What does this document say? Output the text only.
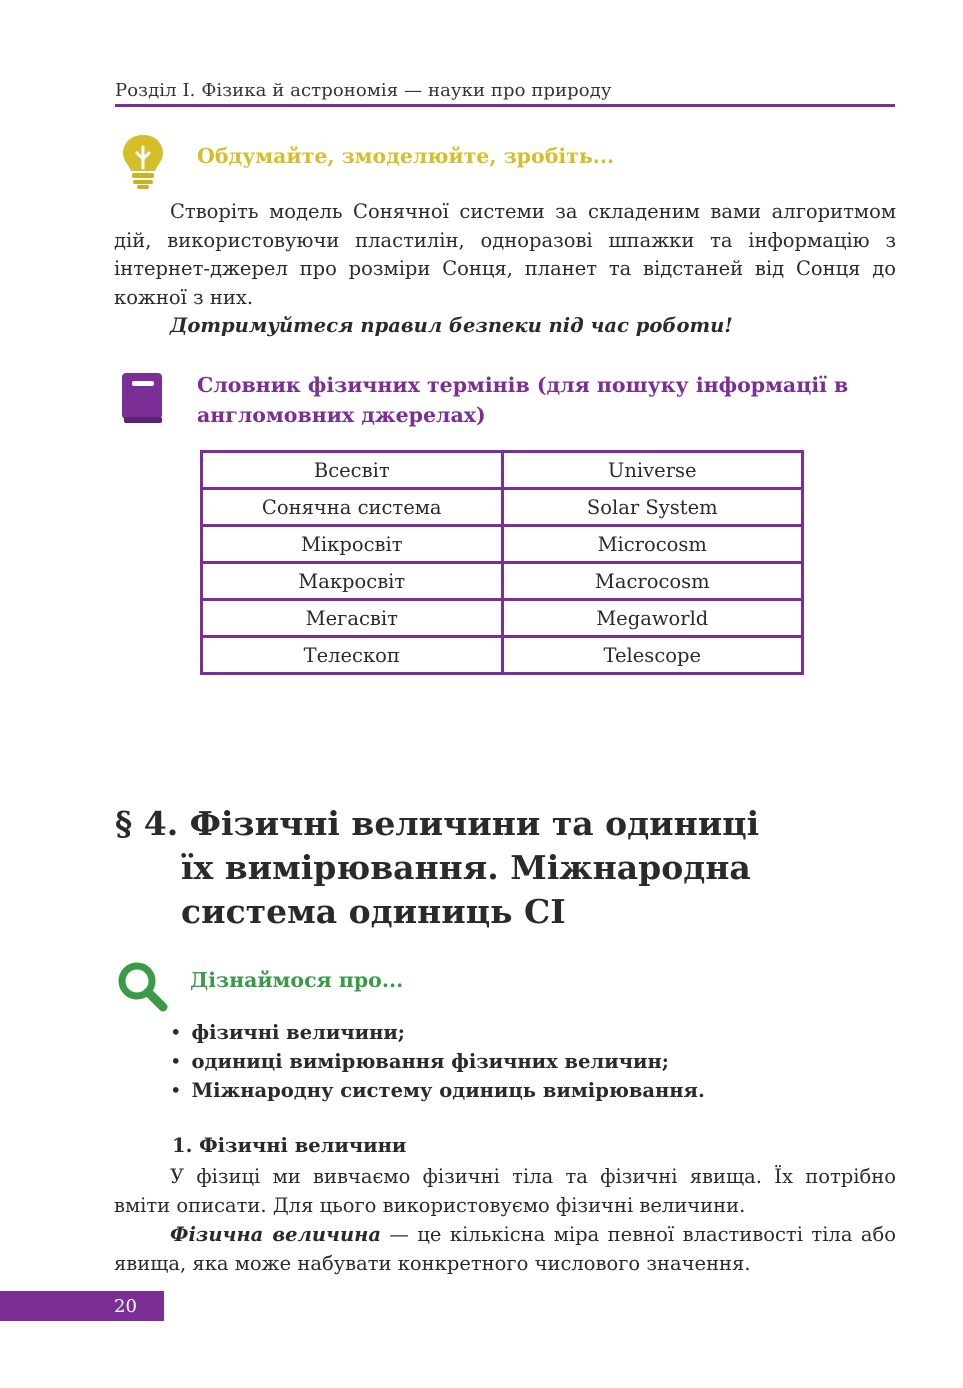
Розділ I. Фізика й астрономія — науки про природу
Обдумайте, змоделюйте, зробіть...
Створіть модель Сонячної системи за складеним вами алгоритмом дій, використовуючи пластилін, одноразові шпажки та інформацію з інтернет-джерел про розміри Сонця, планет та відстаней від Сонця до кожної з них.
Дотримуйтеся правил безпеки під час роботи!
Словник фізичних термінів (для пошуку інформації в англомовних джерелах)
Всесвіт	Universe
Сонячна система	Solar System
Мікросвіт	Microcosm
Макросвіт	Macrocosm
Мегасвіт	Megaworld
Телескоп	Telescope
§ 4. Фізичні величини та одиниці
їх вимірювання. Міжнародна
система одиниць СІ
Дізнаймося про...
• фізичні величини;
• одиниці вимірювання фізичних величин;
• Міжнародну систему одиниць вимірювання.
1. Фізичні величини
У фізиці ми вивчаємо фізичні тіла та фізичні явища. Їх потрібно вміти описати. Для цього використовуємо фізичні величини.
Фізична величина — це кількісна міра певної властивості тіла або явища, яка може набувати конкретного числового значення.
20
